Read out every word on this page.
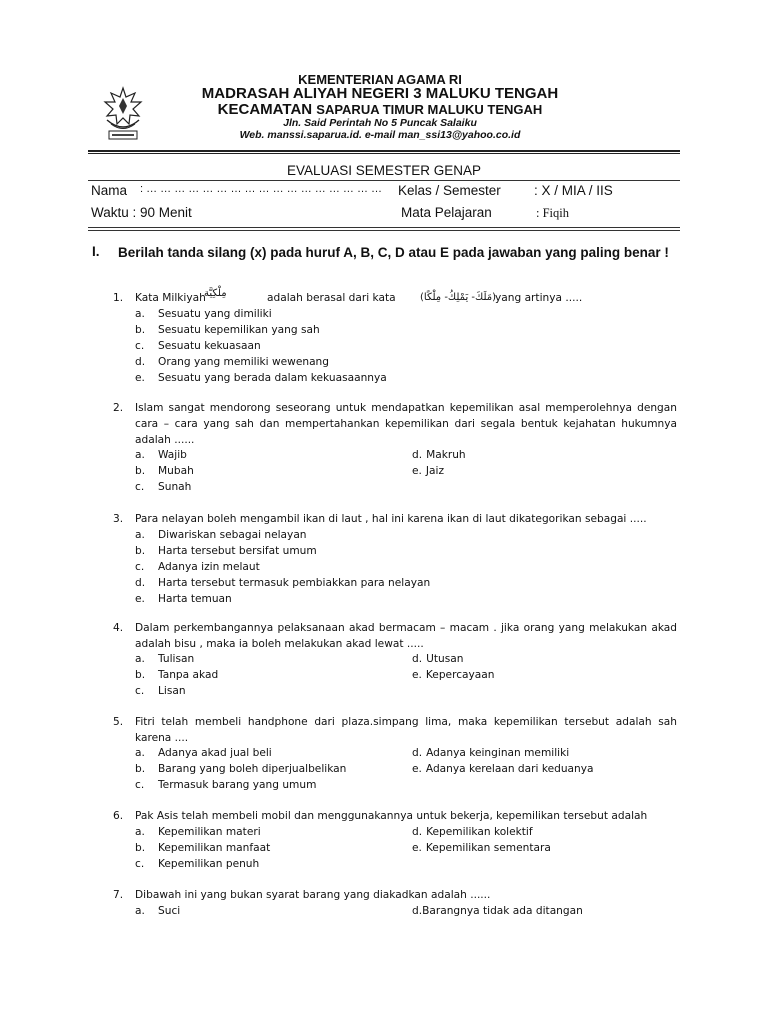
KEMENTERIAN AGAMA RI
MADRASAH ALIYAH NEGERI 3 MALUKU TENGAH
KECAMATAN SAPARUA TIMUR MALUKU TENGAH
Jln. Said Perintah No 5 Puncak Salaiku
Web. manssi.saparua.id. e-mail man_ssi13@yahoo.co.id
EVALUASI SEMESTER GENAP
Nama : … … … … … … … … … … … … … … … … … Kelas / Semester : X / MIA / IIS
Waktu : 90 Menit	Mata Pelajaran	: Fiqih
I. Berilah tanda silang (x) pada huruf A, B, C, D atau E pada jawaban yang paling benar !
1. Kata Milkiyah
مِلْكِيَّة	adalah berasal dari kata (مَلَكَ- يَمْلِكُ- مِلْكًا)
yang artinya .....
a. Sesuatu yang dimiliki
b. Sesuatu kepemilikan yang sah
c. Sesuatu kekuasaan
d. Orang yang memiliki wewenang
e. Sesuatu yang berada dalam kekuasaannya
2. Islam sangat mendorong seseorang untuk mendapatkan kepemilikan asal memperolehnya dengan cara – cara yang sah dan mempertahankan kepemilikan dari segala bentuk kejahatan hukumnya adalah ......
a. Wajib
b. Mubah
c. Sunah
d. Makruh
e. Jaiz
3. Para nelayan boleh mengambil ikan di laut , hal ini karena ikan di laut dikategorikan sebagai .....
a. Diwariskan sebagai nelayan
b. Harta tersebut bersifat umum
c. Adanya izin melaut
d. Harta tersebut termasuk pembiakkan para nelayan
e. Harta temuan
4. Dalam perkembangannya pelaksanaan akad bermacam – macam . jika orang yang melakukan akad adalah bisu , maka ia boleh melakukan akad lewat .....
a. Tulisan
b. Tanpa akad
c. Lisan
d. Utusan
e. Kepercayaan
5. Fitri telah membeli handphone dari plaza.simpang lima, maka kepemilikan tersebut adalah sah karena ....
a. Adanya akad jual beli
b. Barang yang boleh diperjualbelikan
c. Termasuk barang yang umum
d. Adanya keinginan memiliki
e. Adanya kerelaan dari keduanya
6. Pak Asis telah membeli mobil dan menggunakannya untuk bekerja, kepemilikan tersebut adalah
a. Kepemilikan materi
b. Kepemilikan manfaat
c. Kepemilikan penuh
d. Kepemilikan kolektif
e. Kepemilikan sementara
7. Dibawah ini yang bukan syarat barang yang diakadkan adalah ......
a. Suci	d.Barangnya tidak ada ditangan
